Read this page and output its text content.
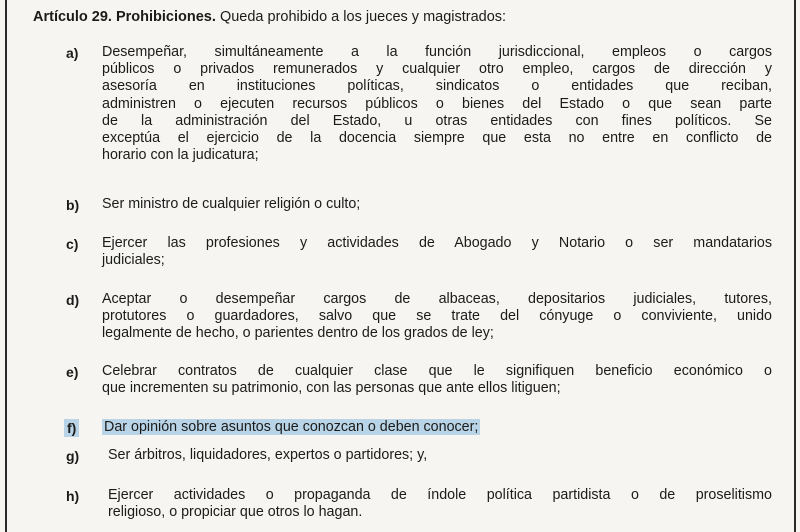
Artículo 29. Prohibiciones. Queda prohibido a los jueces y magistrados:
a) Desempeñar, simultáneamente a la función jurisdiccional, empleos o cargos
públicos o privados remunerados y cualquier otro empleo, cargos de dirección y
asesoría en instituciones políticas, sindicatos o entidades que reciban,
administren o ejecuten recursos públicos o bienes del Estado o que sean parte
de la administración del Estado, u otras entidades con fines políticos. Se
exceptúa el ejercicio de la docencia siempre que esta no entre en conflicto de
horario con la judicatura;
b) Ser ministro de cualquier religión o culto;
c) Ejercer las profesiones y actividades de Abogado y Notario o ser mandatarios
judiciales;
d) Aceptar o desempeñar cargos de albaceas, depositarios judiciales, tutores,
protutores o guardadores, salvo que se trate del cónyuge o conviviente, unido
legalmente de hecho, o parientes dentro de los grados de ley;
e) Celebrar contratos de cualquier clase que le signifiquen beneficio económico o
que incrementen su patrimonio, con las personas que ante ellos litiguen;
f) Dar opinión sobre asuntos que conozcan o deben conocer;
g) Ser árbitros, liquidadores, expertos o partidores; y,
h) Ejercer actividades o propaganda de índole política partidista o de proselitismo
religioso, o propiciar que otros lo hagan.
